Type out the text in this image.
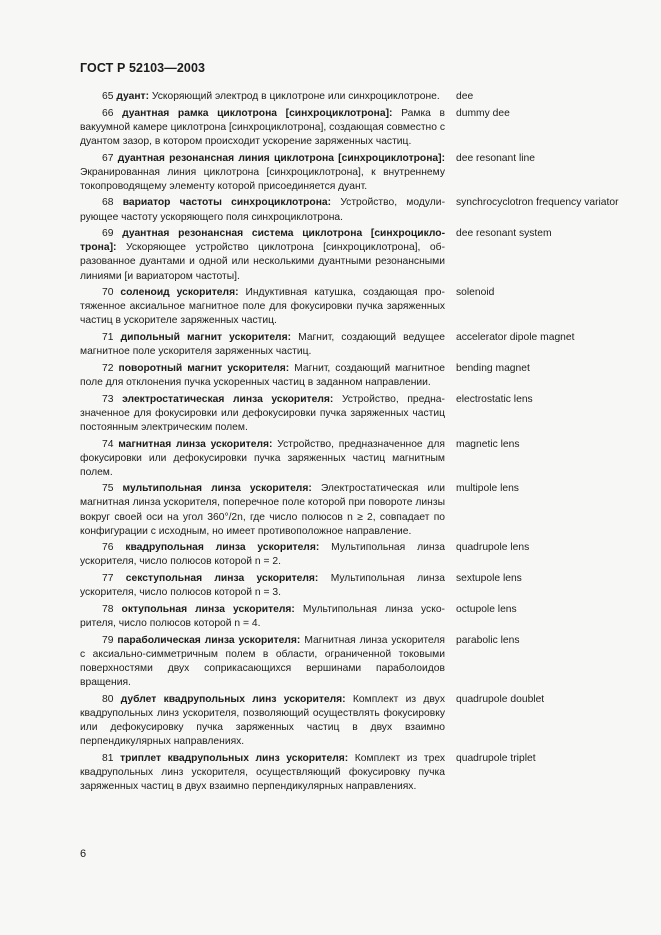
ГОСТ Р 52103—2003
65 дуант: Ускоряющий электрод в циклотроне или синхроциклотроне.	dee
66 дуантная рамка циклотрона [синхроциклотрона]: Рамка в вакуумной камере циклотрона [синхроциклотрона], создающая совместно с дуантом зазор, в котором происходит ускорение заряженных частиц.
dummy dee
67 дуантная резонансная линия циклотрона [синхроциклотрона]: Экранированная линия циклотрона [синхроциклотрона], к внутреннему токопроводящему элементу которой присоединяется дуант.
dee resonant line
68 вариатор частоты синхроциклотрона: Устройство, модулирующее частоту ускоряющего поля синхроциклотрона.
synchrocyclotron frequency variator
69 дуантная резонансная система циклотрона [синхроциклотрона]: Ускоряющее устройство циклотрона [синхроциклотрона], образованное дуантами и одной или несколькими дуантными резонансными линиями [и вариатором частоты].
dee resonant system
70 соленоид ускорителя: Индуктивная катушка, создающая протяженное аксиальное магнитное поле для фокусировки пучка заряженных частиц в ускорителе заряженных частиц.
solenoid
71 дипольный магнит ускорителя: Магнит, создающий ведущее магнитное поле ускорителя заряженных частиц.
accelerator dipole magnet
72 поворотный магнит ускорителя: Магнит, создающий магнитное поле для отклонения пучка ускоренных частиц в заданном направлении.
bending magnet
73 электростатическая линза ускорителя: Устройство, предназначенное для фокусировки или дефокусировки пучка заряженных частиц постоянным электрическим полем.
electrostatic lens
74 магнитная линза ускорителя: Устройство, предназначенное для фокусировки или дефокусировки пучка заряженных частиц магнитным полем.
magnetic lens
75 мультипольная линза ускорителя: Электростатическая или магнитная линза ускорителя, поперечное поле которой при повороте линзы вокруг своей оси на угол 360°/2n, где число полюсов n ≥ 2, совпадает по конфигурации с исходным, но имеет противоположное направление.
multipole lens
76 квадрупольная линза ускорителя: Мультипольная линза ускорителя, число полюсов которой n = 2.
quadrupole lens
77 секступольная линза ускорителя: Мультипольная линза ускорителя, число полюсов которой n = 3.
sextupole lens
78 октупольная линза ускорителя: Мультипольная линза ускорителя, число полюсов которой n = 4.
octupole lens
79 параболическая линза ускорителя: Магнитная линза ускорителя с аксиально-симметричным полем в области, ограниченной токовыми поверхностями двух соприкасающихся вершинами параболоидов вращения.
parabolic lens
80 дублет квадрупольных линз ускорителя: Комплект из двух квадрупольных линз ускорителя, позволяющий осуществлять фокусировку или дефокусировку пучка заряженных частиц в двух взаимно перпендикулярных направлениях.
quadrupole doublet
81 триплет квадрупольных линз ускорителя: Комплект из трех квадрупольных линз ускорителя, осуществляющий фокусировку пучка заряженных частиц в двух взаимно перпендикулярных направлениях.
quadrupole triplet
6
